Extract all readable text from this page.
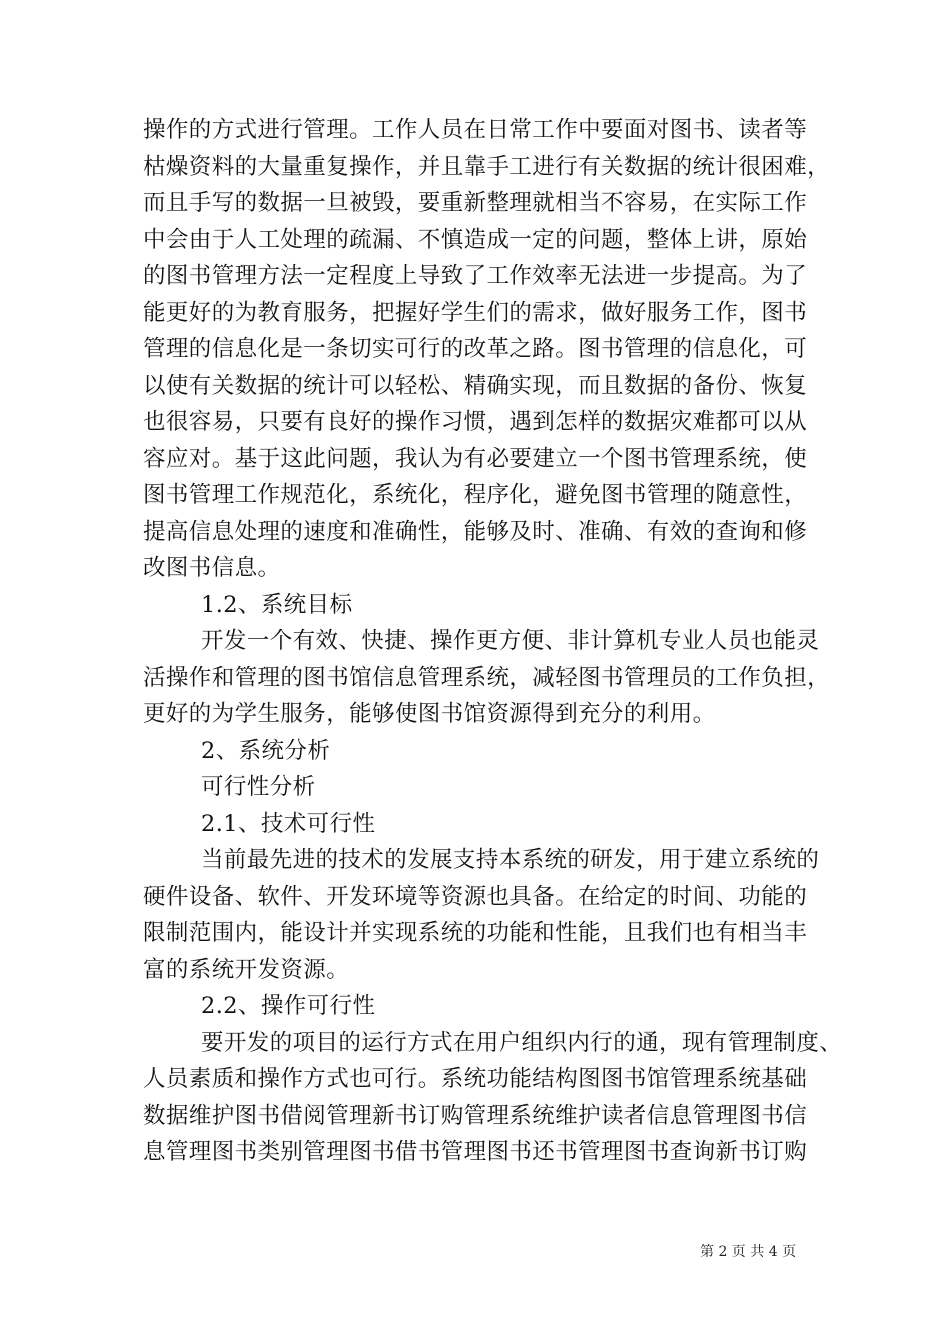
操作的方式进行管理。工作人员在日常工作中要面对图书、读者等
枯燥资料的大量重复操作，并且靠手工进行有关数据的统计很困难，
而且手写的数据一旦被毁，要重新整理就相当不容易，在实际工作
中会由于人工处理的疏漏、不慎造成一定的问题，整体上讲，原始
的图书管理方法一定程度上导致了工作效率无法进一步提高。为了
能更好的为教育服务，把握好学生们的需求，做好服务工作，图书
管理的信息化是一条切实可行的改革之路。图书管理的信息化，可
以使有关数据的统计可以轻松、精确实现，而且数据的备份、恢复
也很容易，只要有良好的操作习惯，遇到怎样的数据灾难都可以从
容应对。基于这此问题，我认为有必要建立一个图书管理系统，使
图书管理工作规范化，系统化，程序化，避免图书管理的随意性，
提高信息处理的速度和准确性，能够及时、准确、有效的查询和修
改图书信息。
1.2、系统目标
开发一个有效、快捷、操作更方便、非计算机专业人员也能灵
活操作和管理的图书馆信息管理系统，减轻图书管理员的工作负担，
更好的为学生服务，能够使图书馆资源得到充分的利用。
2、系统分析
可行性分析
2.1、技术可行性
当前最先进的技术的发展支持本系统的研发，用于建立系统的
硬件设备、软件、开发环境等资源也具备。在给定的时间、功能的
限制范围内，能设计并实现系统的功能和性能，且我们也有相当丰
富的系统开发资源。
2.2、操作可行性
要开发的项目的运行方式在用户组织内行的通，现有管理制度、
人员素质和操作方式也可行。系统功能结构图图书馆管理系统基础
数据维护图书借阅管理新书订购管理系统维护读者信息管理图书信
息管理图书类别管理图书借书管理图书还书管理图书查询新书订购
第 2 页 共 4 页
